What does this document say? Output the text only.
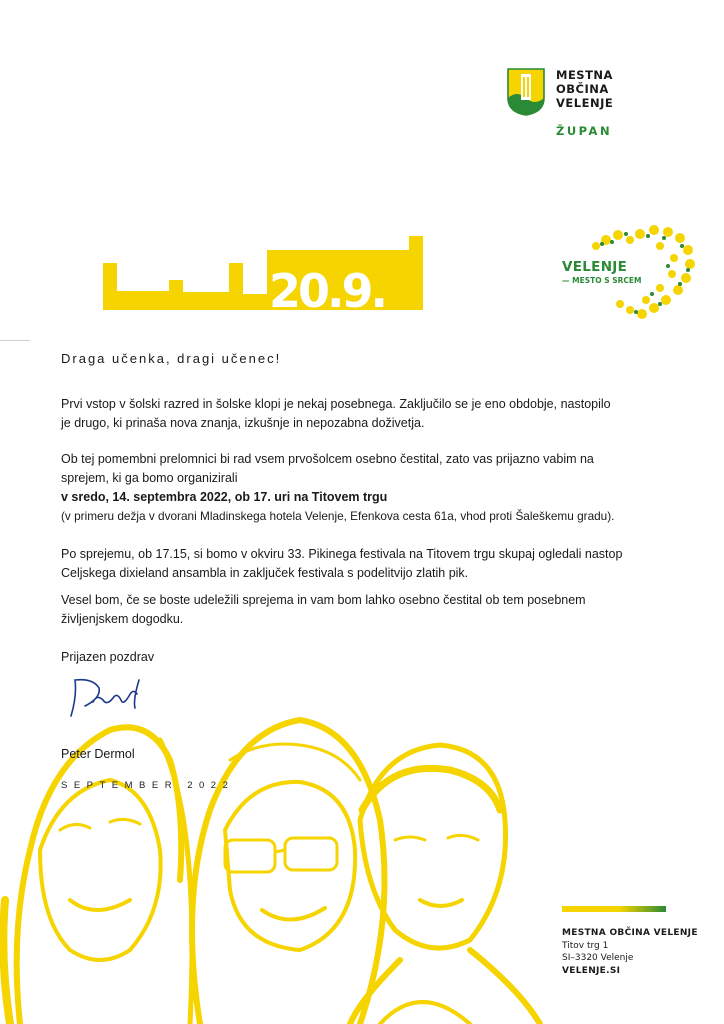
MESTNA
OBČINA
VELENJE
ŽUPAN
20.9.	VELENJE
— MESTO S SRCEM
Draga učenka, dragi učenec!

Prvi vstop v šolski razred in šolske klopi je nekaj posebnega. Zaključilo se je eno obdobje, nastopilo je drugo, ki prinaša nova znanja, izkušnje in nepozabna doživetja.

Ob tej pomembni prelomnici bi rad vsem prvošolcem osebno čestital, zato vas prijazno vabim na sprejem, ki ga bomo organizirali

v sredo, 14. septembra 2022, ob 17. uri na Titovem trgu

(v primeru dežja v dvorani Mladinskega hotela Velenje, Efenkova cesta 61a, vhod proti Šaleškemu gradu).

Po sprejemu, ob 17.15, si bomo v okviru 33. Pikinega festivala na Titovem trgu skupaj ogledali nastop Celjskega dixieland ansambla in zaključek festivala s podelitvijo zlatih pik.

Vesel bom, če se boste udeležili sprejema in vam bom lahko osebno čestital ob tem posebnem življenjskem dogodku.

Prijazen pozdrav

Peter Dermol

SEPTEMBER 2022
MESTNA OBČINA VELENJE
Titov trg 1
SI–3320 Velenje
VELENJE.SI
